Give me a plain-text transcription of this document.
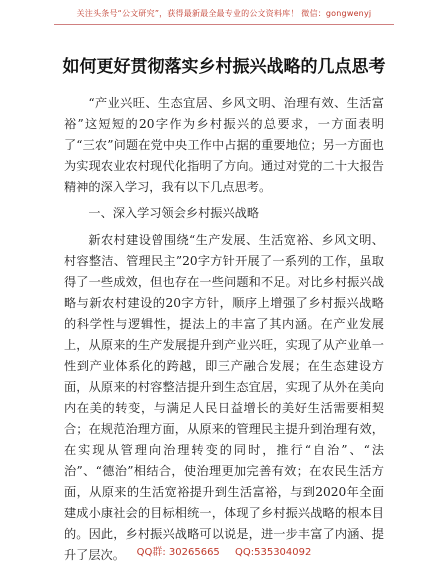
关注头条号“公文研究”，获得最新最全最专业的公文资料库！ 微信：gongwenyj
如何更好贯彻落实乡村振兴战略的几点思考

“产业兴旺、生态宜居、乡风文明、治理有效、生活富裕”这短短的20字作为乡村振兴的总要求，一方面表明了“三农”问题在党中央工作中占据的重要地位；另一方面也为实现农业农村现代化指明了方向。通过对党的二十大报告精神的深入学习，我有以下几点思考。

一、深入学习领会乡村振兴战略

新农村建设曾围绕“生产发展、生活宽裕、乡风文明、村容整洁、管理民主”20字方针开展了一系列的工作，虽取得了一些成效，但也存在一些问题和不足。对比乡村振兴战略与新农村建设的20字方针，顺序上增强了乡村振兴战略的科学性与逻辑性，提法上的丰富了其内涵。在产业发展上，从原来的生产发展提升到产业兴旺，实现了从产业单一性到产业体系化的跨越，即三产融合发展；在生态建设方面，从原来的村容整洁提升到生态宜居，实现了从外在美向内在美的转变，与满足人民日益增长的美好生活需要相契合；在规范治理方面，从原来的管理民主提升到治理有效，在实现从管理向治理转变的同时，推行“自治”、“法治”、“德治”相结合，使治理更加完善有效；在农民生活方面，从原来的生活宽裕提升到生活富裕，与到2020年全面建成小康社会的目标相统一，体现了乡村振兴战略的根本目的。因此，乡村振兴战略可以说是，进一步丰富了内涵、提升了层次。	QQ群: 30265665 QQ:535304092
